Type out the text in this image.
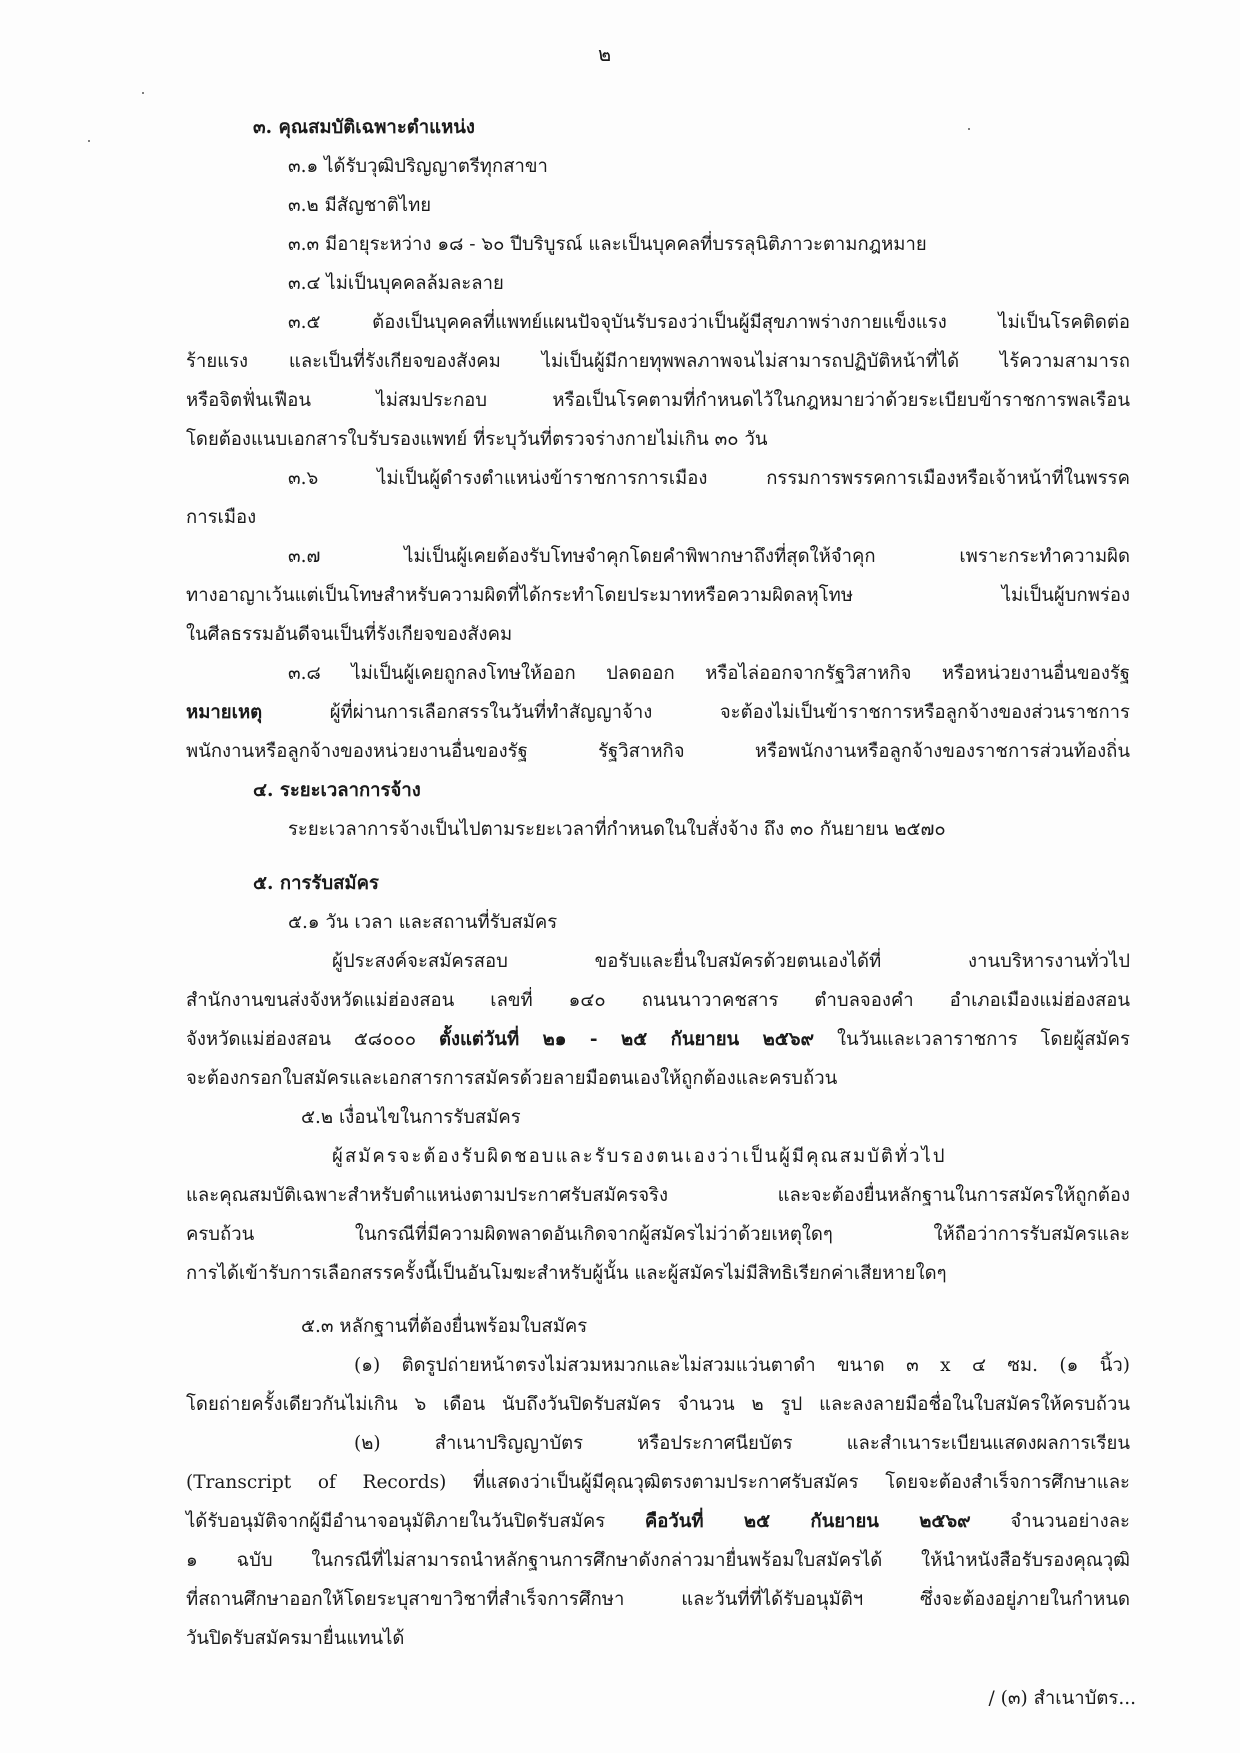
๒
๓. คุณสมบัติเฉพาะตำแหน่ง
๓.๑ ได้รับวุฒิปริญญาตรีทุกสาขา
๓.๒ มีสัญชาติไทย
๓.๓ มีอายุระหว่าง ๑๘ - ๖๐ ปีบริบูรณ์ และเป็นบุคคลที่บรรลุนิติภาวะตามกฎหมาย
๓.๔ ไม่เป็นบุคคลล้มละลาย
๓.๕ ต้องเป็นบุคคลที่แพทย์แผนปัจจุบันรับรองว่าเป็นผู้มีสุขภาพร่างกายแข็งแรง ไม่เป็นโรคติดต่อ
ร้ายแรง และเป็นที่รังเกียจของสังคม ไม่เป็นผู้มีกายทุพพลภาพจนไม่สามารถปฏิบัติหน้าที่ได้ ไร้ความสามารถ
หรือจิตฟั่นเฟือน ไม่สมประกอบ หรือเป็นโรคตามที่กำหนดไว้ในกฎหมายว่าด้วยระเบียบข้าราชการพลเรือน
โดยต้องแนบเอกสารใบรับรองแพทย์ ที่ระบุวันที่ตรวจร่างกายไม่เกิน ๓๐ วัน
๓.๖ ไม่เป็นผู้ดำรงตำแหน่งข้าราชการการเมือง กรรมการพรรคการเมืองหรือเจ้าหน้าที่ในพรรค
การเมือง
๓.๗ ไม่เป็นผู้เคยต้องรับโทษจำคุกโดยคำพิพากษาถึงที่สุดให้จำคุก เพราะกระทำความผิด
ทางอาญาเว้นแต่เป็นโทษสำหรับความผิดที่ได้กระทำโดยประมาทหรือความผิดลหุโทษ ไม่เป็นผู้บกพร่อง
ในศีลธรรมอันดีจนเป็นที่รังเกียจของสังคม
๓.๘ ไม่เป็นผู้เคยถูกลงโทษให้ออก ปลดออก หรือไล่ออกจากรัฐวิสาหกิจ หรือหน่วยงานอื่นของรัฐ
หมายเหตุ ผู้ที่ผ่านการเลือกสรรในวันที่ทำสัญญาจ้าง จะต้องไม่เป็นข้าราชการหรือลูกจ้างของส่วนราชการ
พนักงานหรือลูกจ้างของหน่วยงานอื่นของรัฐ รัฐวิสาหกิจ หรือพนักงานหรือลูกจ้างของราชการส่วนท้องถิ่น
๔. ระยะเวลาการจ้าง
ระยะเวลาการจ้างเป็นไปตามระยะเวลาที่กำหนดในใบสั่งจ้าง ถึง ๓๐ กันยายน ๒๕๗๐
๕. การรับสมัคร
๕.๑ วัน เวลา และสถานที่รับสมัคร
ผู้ประสงค์จะสมัครสอบ ขอรับและยื่นใบสมัครด้วยตนเองได้ที่ งานบริหารงานทั่วไป
สำนักงานขนส่งจังหวัดแม่ฮ่องสอน เลขที่ ๑๔๐ ถนนนาวาคชสาร ตำบลจองคำ อำเภอเมืองแม่ฮ่องสอน
จังหวัดแม่ฮ่องสอน ๕๘๐๐๐ ตั้งแต่วันที่ ๒๑ - ๒๕ กันยายน ๒๕๖๙ ในวันและเวลาราชการ โดยผู้สมัคร
จะต้องกรอกใบสมัครและเอกสารการสมัครด้วยลายมือตนเองให้ถูกต้องและครบถ้วน
๕.๒ เงื่อนไขในการรับสมัคร
ผู้สมัครจะต้องรับผิดชอบและรับรองตนเองว่าเป็นผู้มีคุณสมบัติทั่วไป
และคุณสมบัติเฉพาะสำหรับตำแหน่งตามประกาศรับสมัครจริง และจะต้องยื่นหลักฐานในการสมัครให้ถูกต้อง
ครบถ้วน ในกรณีที่มีความผิดพลาดอันเกิดจากผู้สมัครไม่ว่าด้วยเหตุใดๆ ให้ถือว่าการรับสมัครและ
การได้เข้ารับการเลือกสรรครั้งนี้เป็นอันโมฆะสำหรับผู้นั้น และผู้สมัครไม่มีสิทธิเรียกค่าเสียหายใดๆ
๕.๓ หลักฐานที่ต้องยื่นพร้อมใบสมัคร
(๑) ติดรูปถ่ายหน้าตรงไม่สวมหมวกและไม่สวมแว่นตาดำ ขนาด ๓ x ๔ ซม. (๑ นิ้ว)
โดยถ่ายครั้งเดียวกันไม่เกิน ๖ เดือน นับถึงวันปิดรับสมัคร จำนวน ๒ รูป และลงลายมือชื่อในใบสมัครให้ครบถ้วน
(๒) สำเนาปริญญาบัตร หรือประกาศนียบัตร และสำเนาระเบียนแสดงผลการเรียน
(Transcript of Records) ที่แสดงว่าเป็นผู้มีคุณวุฒิตรงตามประกาศรับสมัคร โดยจะต้องสำเร็จการศึกษาและ
ได้รับอนุมัติจากผู้มีอำนาจอนุมัติภายในวันปิดรับสมัคร คือวันที่ ๒๕ กันยายน ๒๕๖๙ จำนวนอย่างละ
๑ ฉบับ ในกรณีที่ไม่สามารถนำหลักฐานการศึกษาดังกล่าวมายื่นพร้อมใบสมัครได้ ให้นำหนังสือรับรองคุณวุฒิ
ที่สถานศึกษาออกให้โดยระบุสาขาวิชาที่สำเร็จการศึกษา และวันที่ที่ได้รับอนุมัติฯ ซึ่งจะต้องอยู่ภายในกำหนด
วันปิดรับสมัครมายื่นแทนได้
/ (๓) สำเนาบัตร...
